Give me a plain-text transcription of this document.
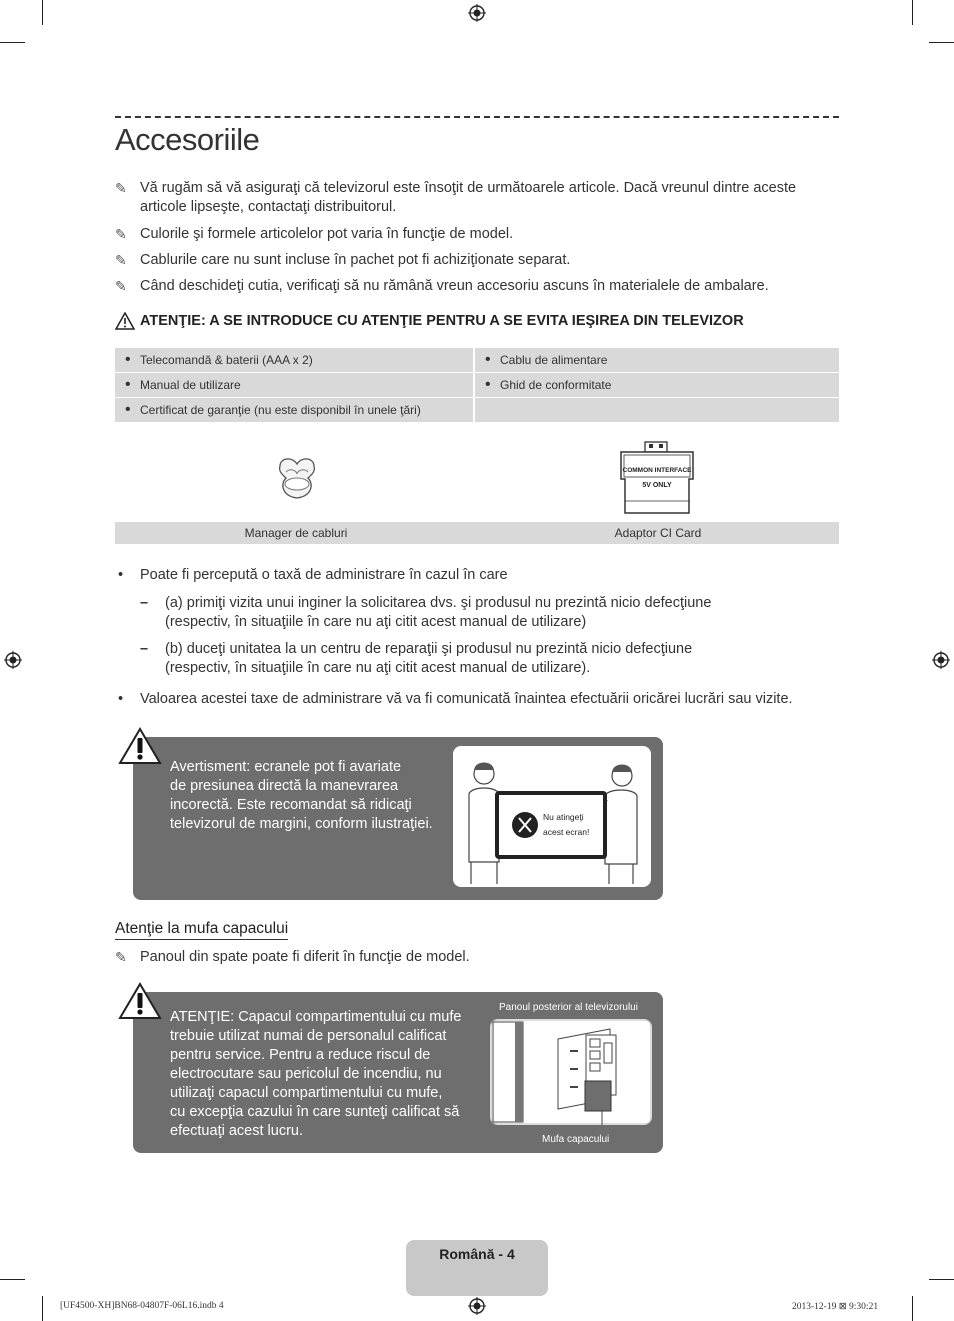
Accesoriile
✎ Vă rugăm să vă asiguraţi că televizorul este însoţit de următoarele articole. Dacă vreunul dintre aceste articole lipseşte, contactaţi distribuitorul.
✎ Culorile şi formele articolelor pot varia în funcţie de model.
✎ Cablurile care nu sunt incluse în pachet pot fi achiziţionate separat.
✎ Când deschideţi cutia, verificaţi să nu rămână vreun accesoriu ascuns în materialele de ambalare.
ATENŢIE: A SE INTRODUCE CU ATENŢIE PENTRU A SE EVITA IEŞIREA DIN TELEVIZOR
• Telecomandă & baterii (AAA x 2)	• Cablu de alimentare
• Manual de utilizare	• Ghid de conformitate
• Certificat de garanţie (nu este disponibil în unele ţări)
COMMON INTERFACE
5V ONLY
Manager de cabluri	Adaptor CI Card
•	Poate fi percepută o taxă de administrare în cazul în care
–	(a) primiţi vizita unui inginer la solicitarea dvs. şi produsul nu prezintă nicio defecţiune
(respectiv, în situaţiile în care nu aţi citit acest manual de utilizare)
–	(b) duceţi unitatea la un centru de reparaţii şi produsul nu prezintă nicio defecţiune
(respectiv, în situaţiile în care nu aţi citit acest manual de utilizare).
•	Valoarea acestei taxe de administrare vă va fi comunicată înaintea efectuării oricărei lucrări sau vizite.
Avertisment: ecranele pot fi avariate
de presiunea directă la manevrarea
incorectă. Este recomandat să ridicaţi
televizorul de margini, conform ilustraţiei.	Nu atingeţi
acest ecran!
Atenţie la mufa capacului
✎ Panoul din spate poate fi diferit în funcţie de model.
ATENŢIE: Capacul compartimentului cu mufe
trebuie utilizat numai de personalul calificat
pentru service. Pentru a reduce riscul de
electrocutare sau pericolul de incendiu, nu
utilizaţi capacul compartimentului cu mufe,
cu excepţia cazului în care sunteţi calificat să
efectuaţi acest lucru.
Panoul posterior al televizorului
Mufa capacului
Română - 4
[UF4500-XH]BN68-04807F-06L16.indb 4	2013-12-19 ⊠ 9:30:21
